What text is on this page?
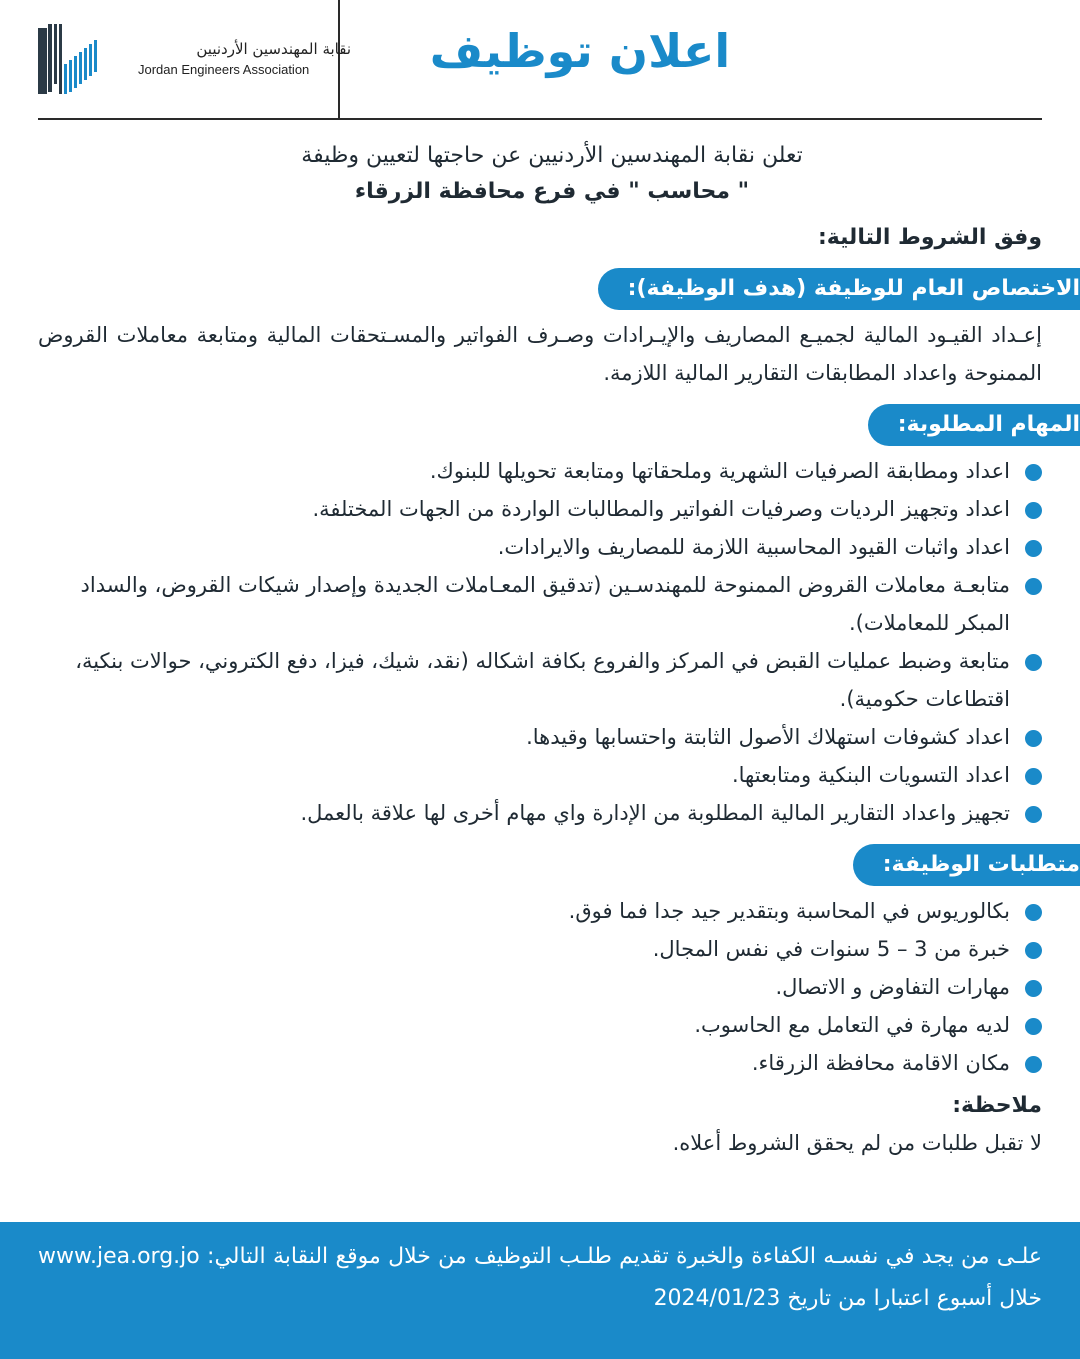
اعلان توظيف
نقابة المهندسين الأردنيين
Jordan Engineers Association
تعلن نقابة المهندسين الأردنيين عن حاجتها لتعيين وظيفة
" محاسب " في فرع محافظة الزرقاء
وفق الشروط التالية:
الاختصاص العام للوظيفة (هدف الوظيفة):
إعـداد القيـود المالية لجميـع المصاريف والإيـرادات وصـرف الفواتير والمسـتحقات المالية ومتابعة معاملات القروض الممنوحة واعداد المطابقات التقارير المالية اللازمة.
المهام المطلوبة:
اعداد ومطابقة الصرفيات الشهرية وملحقاتها ومتابعة تحويلها للبنوك.
اعداد وتجهيز الرديات وصرفيات الفواتير والمطالبات الواردة من الجهات المختلفة.
اعداد واثبات القيود المحاسبية اللازمة للمصاريف والايرادات.
متابعـة معاملات القروض الممنوحة للمهندسـين (تدقيق المعـاملات الجديدة وإصدار شيكات القروض، والسداد المبكر للمعاملات).
متابعة وضبط عمليات القبض في المركز والفروع بكافة اشكاله (نقد، شيك، فيزا، دفع الكتروني، حوالات بنكية، اقتطاعات حكومية).
اعداد كشوفات استهلاك الأصول الثابتة واحتسابها وقيدها.
اعداد التسويات البنكية ومتابعتها.
تجهيز واعداد التقارير المالية المطلوبة من الإدارة واي مهام أخرى لها علاقة بالعمل.
متطلبات الوظيفة:
بكالوريوس في المحاسبة وبتقدير جيد جدا فما فوق.
خبرة من 3 – 5 سنوات في نفس المجال.
مهارات التفاوض و الاتصال.
لديه مهارة في التعامل مع الحاسوب.
مكان الاقامة محافظة الزرقاء.
ملاحظة:
لا تقبل طلبات من لم يحقق الشروط أعلاه.
علـى من يجد في نفسـه الكفاءة والخبرة تقديم طلـب التوظيف من خلال موقع النقابة التالي: www.jea.org.jo خلال أسبوع اعتبارا من تاريخ 2024/01/23
